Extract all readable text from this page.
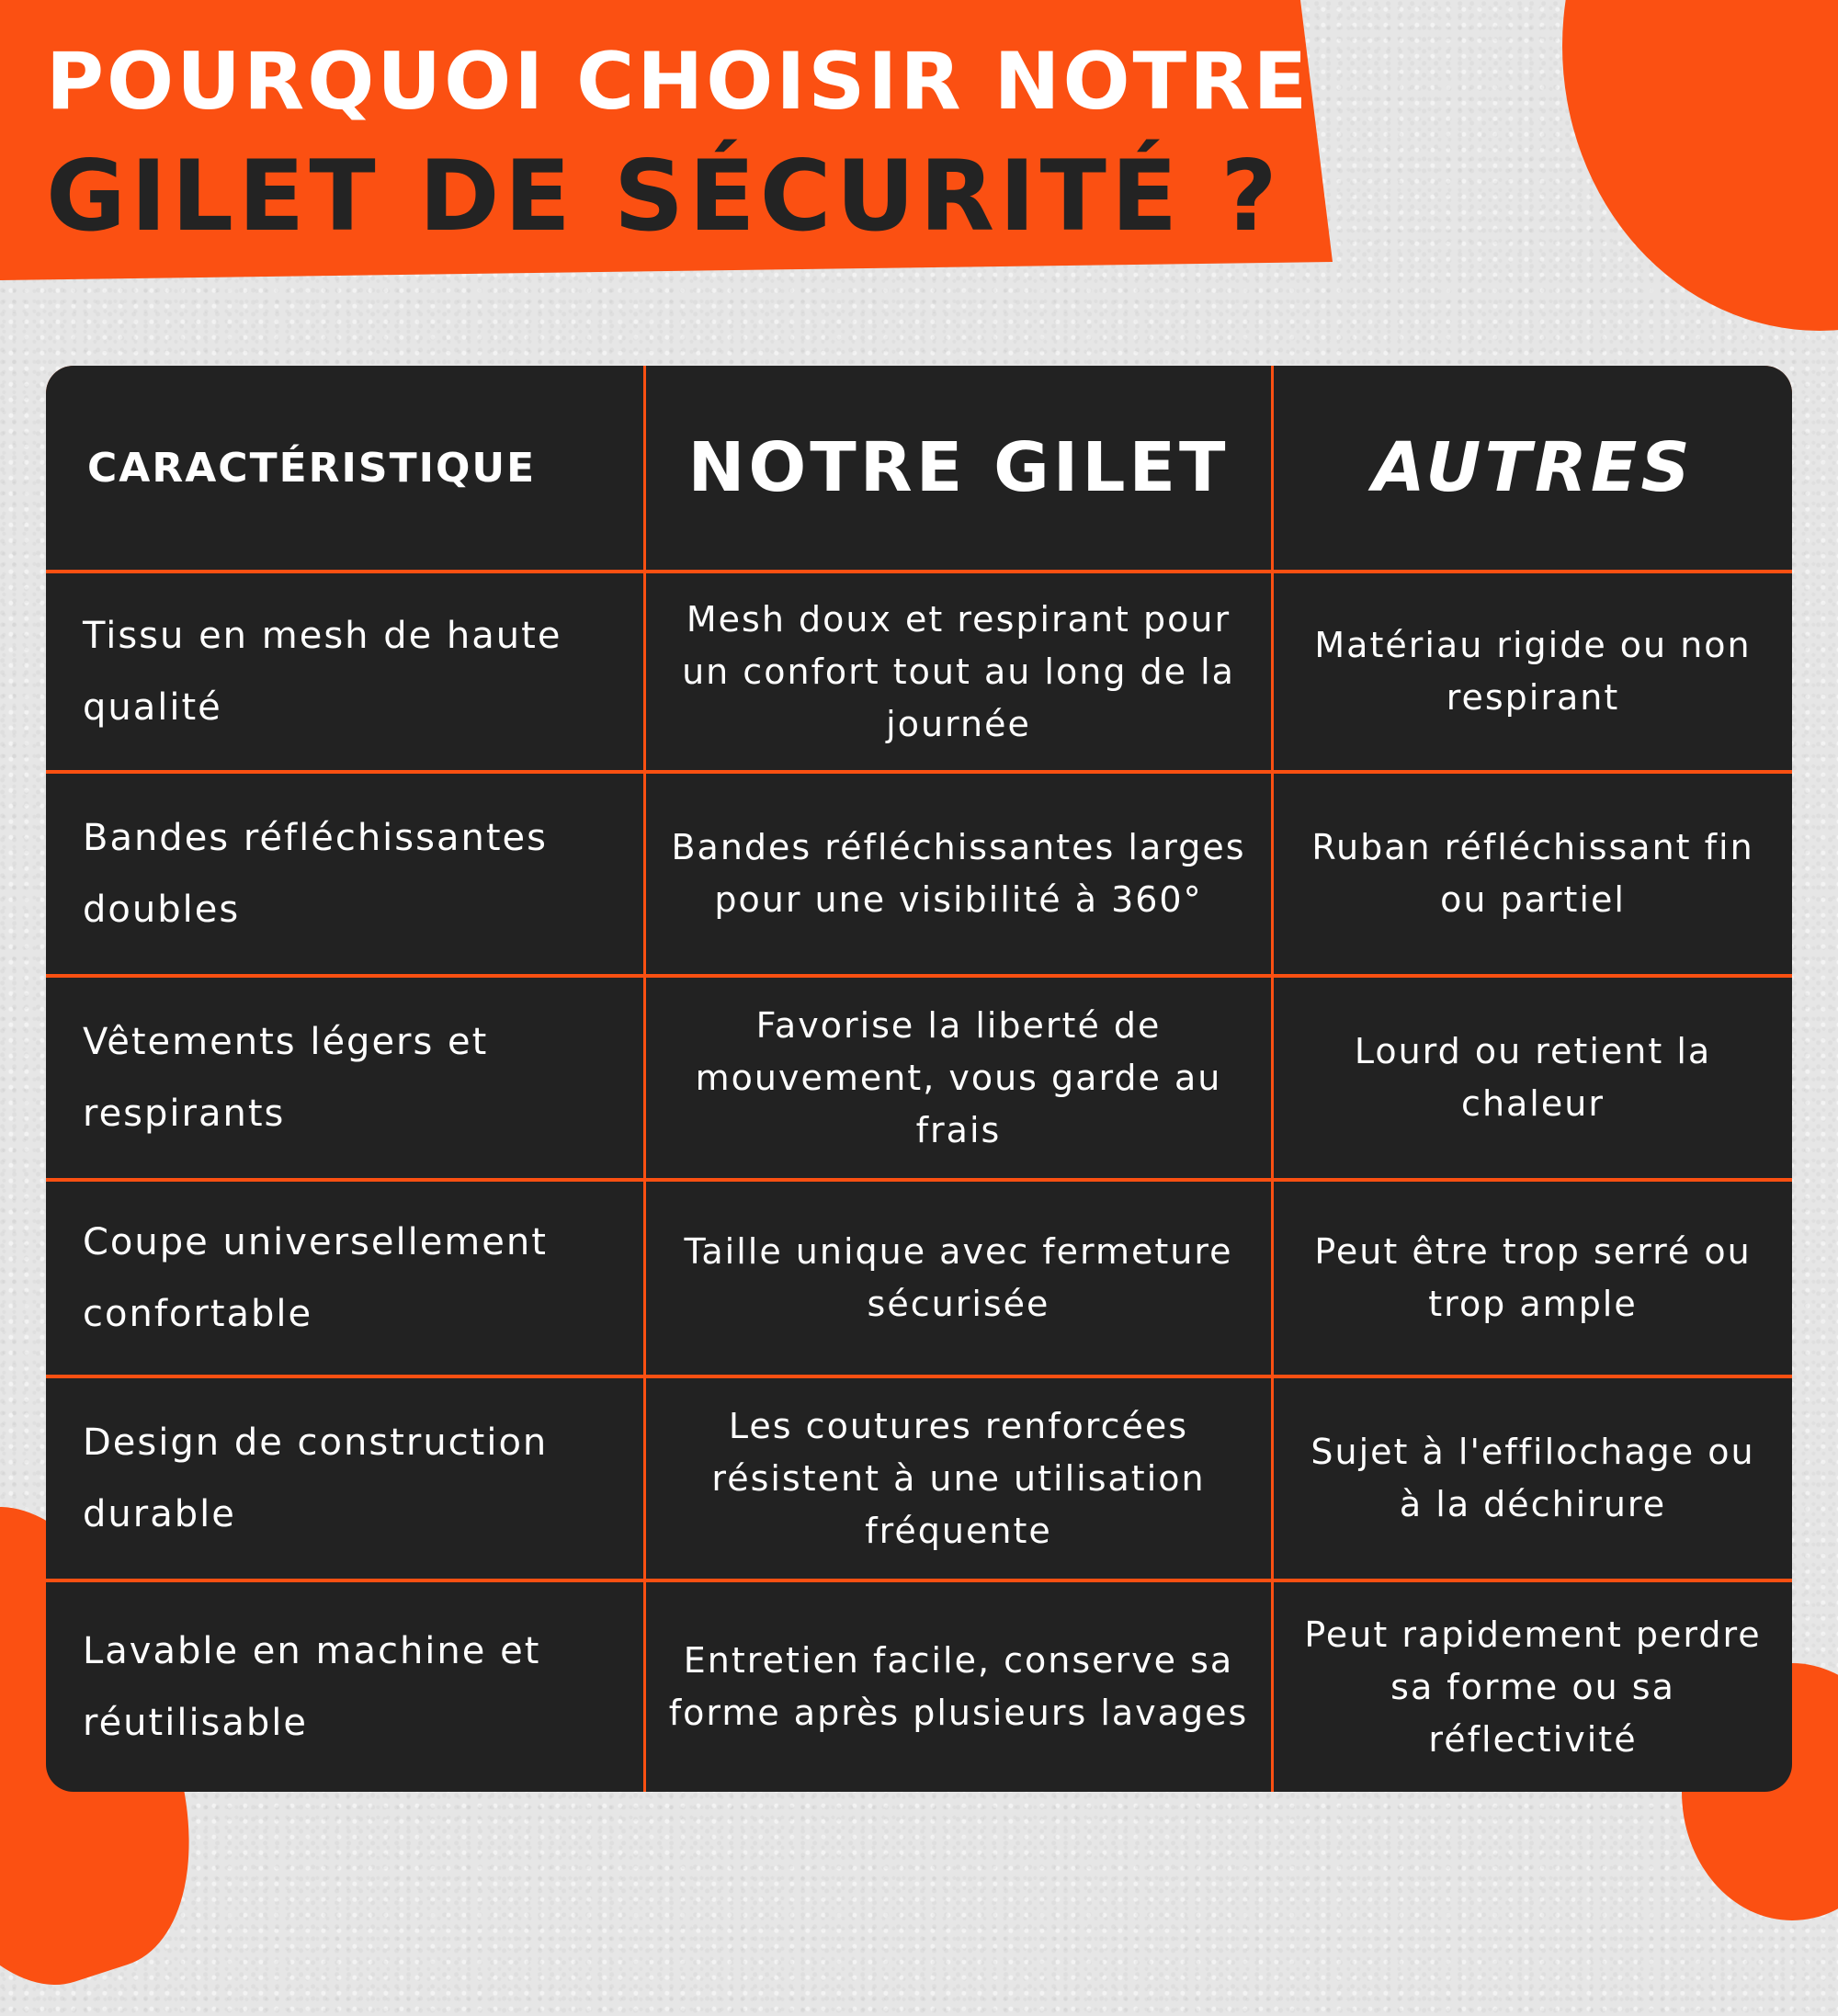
POURQUOI CHOISIR NOTRE
GILET DE SÉCURITÉ ?
CARACTÉRISTIQUE NOTRE GILET AUTRES
Tissu en mesh de haute qualité
Mesh doux et respirant pour un confort tout au long de la journée
Matériau rigide ou non respirant
Bandes réfléchissantes doubles
Bandes réfléchissantes larges pour une visibilité à 360°
Ruban réfléchissant fin ou partiel
Vêtements légers et respirants
Favorise la liberté de mouvement, vous garde au frais
Lourd ou retient la chaleur
Coupe universellement confortable
Taille unique avec fermeture sécurisée
Peut être trop serré ou trop ample
Design de construction durable
Les coutures renforcées résistent à une utilisation fréquente
Sujet à l'effilochage ou à la déchirure
Lavable en machine et réutilisable
Entretien facile, conserve sa forme après plusieurs lavages
Peut rapidement perdre sa forme ou sa réflectivité
